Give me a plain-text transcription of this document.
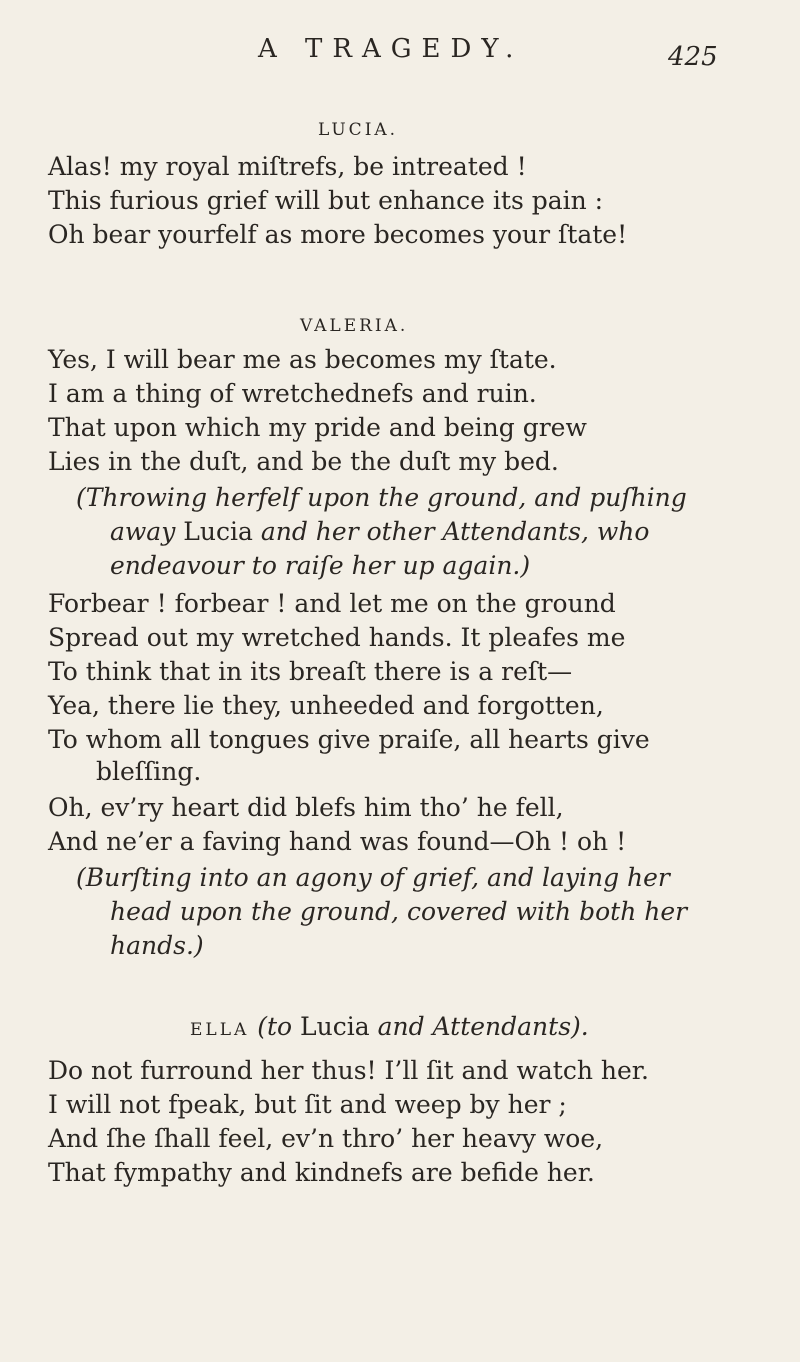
A TRAGEDY.	425
LUCIA.
Alas! my royal miſtrefs, be intreated !
This furious grief will but enhance its pain :
Oh bear yourfelf as more becomes your ſtate!
VALERIA.
Yes, I will bear me as becomes my ſtate.
I am a thing of wretchednefs and ruin.
That upon which my pride and being grew
Lies in the duſt, and be the duſt my bed.
(Throwing herfelf upon the ground, and puſhing
away Lucia and her other Attendants, who
endeavour to raiſe her up again.)
Forbear ! forbear ! and let me on the ground
Spread out my wretched hands. It pleafes me
To think that in its breaſt there is a reſt—
Yea, there lie they, unheeded and forgotten,
To whom all tongues give praiſe, all hearts give
bleſſing.
Oh, ev’ry heart did blefs him tho’ he fell,
And ne’er a faving hand was found—Oh ! oh !
(Burſting into an agony of grief, and laying her
head upon the ground, covered with both her
hands.)
ELLA (to Lucia and Attendants).
Do not furround her thus! I’ll ſit and watch her.
I will not fpeak, but ſit and weep by her ;
And ſhe ſhall feel, ev’n thro’ her heavy woe,
That fympathy and kindnefs are befide her.
